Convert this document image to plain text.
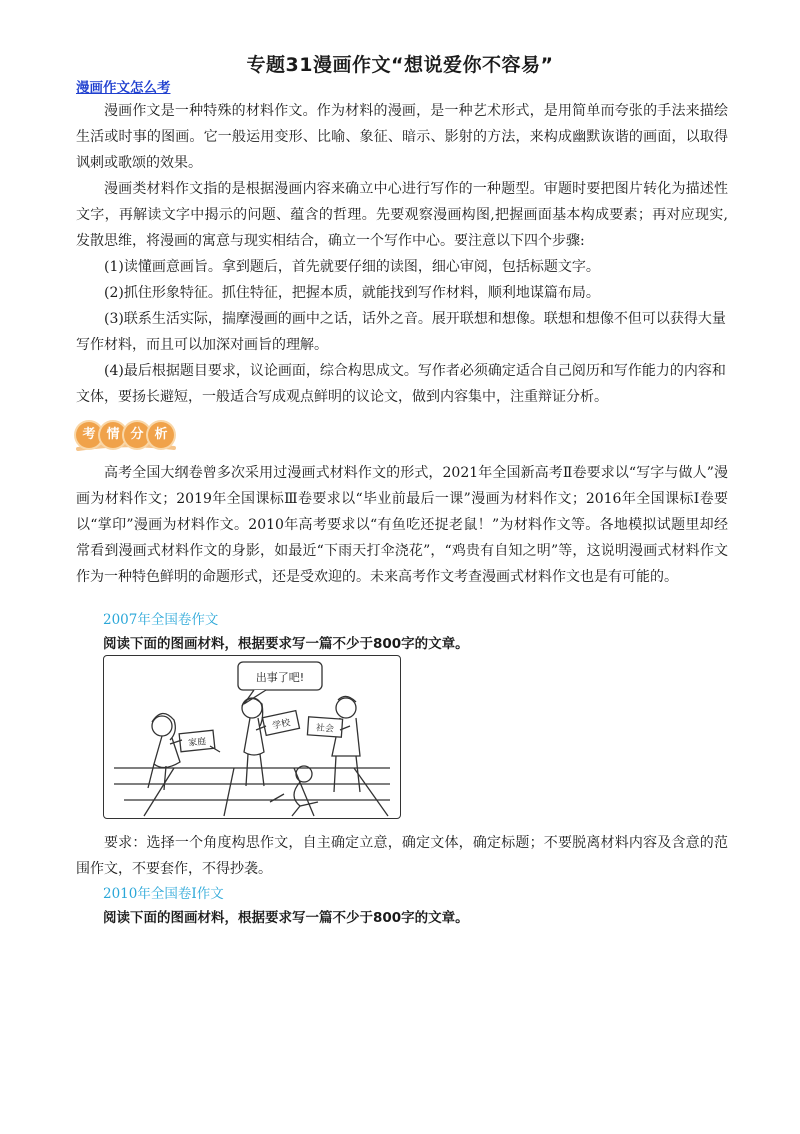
专题31漫画作文“想说爱你不容易”
漫画作文怎么考

漫画作文是一种特殊的材料作文。作为材料的漫画，是一种艺术形式，是用简单而夸张的手法来描绘生活或时事的图画。它一般运用变形、比喻、象征、暗示、影射的方法，来构成幽默诙谐的画面，以取得讽刺或歌颂的效果。

漫画类材料作文指的是根据漫画内容来确立中心进行写作的一种题型。审题时要把图片转化为描述性文字，再解读文字中揭示的问题、蕴含的哲理。先要观察漫画构图,把握画面基本构成要素；再对应现实,发散思维，将漫画的寓意与现实相结合，确立一个写作中心。要注意以下四个步骤:

(1)读懂画意画旨。拿到题后，首先就要仔细的读图，细心审阅，包括标题文字。

(2)抓住形象特征。抓住特征，把握本质，就能找到写作材料，顺利地谋篇布局。

(3)联系生活实际，揣摩漫画的画中之话，话外之音。展开联想和想像。联想和想像不但可以获得大量写作材料，而且可以加深对画旨的理解。

(4)最后根据题目要求，议论画面，综合构思成文。写作者必须确定适合自己阅历和写作能力的内容和文体，要扬长避短，一般适合写成观点鲜明的议论文，做到内容集中，注重辩证分析。

考 情 分 析

高考全国大纲卷曾多次采用过漫画式材料作文的形式，2021年全国新高考Ⅱ卷要求以“写字与做人”漫画为材料作文；2019年全国课标Ⅲ卷要求以“毕业前最后一课”漫画为材料作文；2016年全国课标Ⅰ卷要以“掌印”漫画为材料作文。2010年高考要求以“有鱼吃还捉老鼠！”为材料作文等。各地模拟试题里却经常看到漫画式材料作文的身影，如最近“下雨天打伞浇花”，“鸡贵有自知之明”等，这说明漫画式材料作文作为一种特色鲜明的命题形式，还是受欢迎的。未来高考作文考查漫画式材料作文也是有可能的。

2007年全国卷作文
阅读下面的图画材料，根据要求写一篇不少于800字的文章。
出事了吧!
家庭
学校	社会

要求：选择一个角度构思作文，自主确定立意，确定文体，确定标题；不要脱离材料内容及含意的范围作文，不要套作，不得抄袭。

2010年全国卷Ⅰ作文
阅读下面的图画材料，根据要求写一篇不少于800字的文章。
